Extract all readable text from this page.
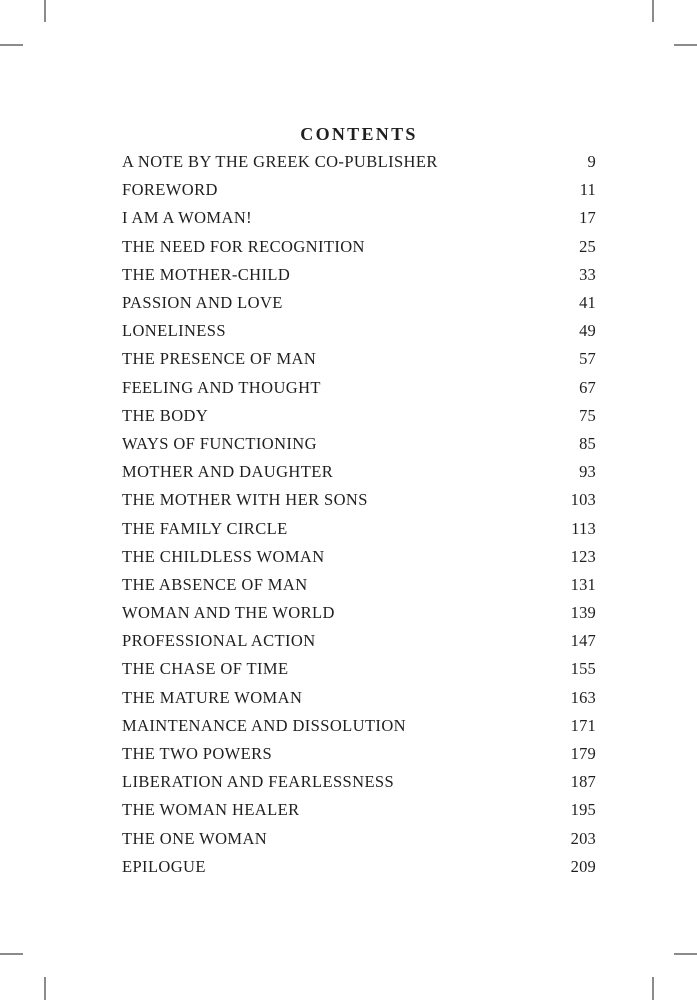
CONTENTS
A NOTE BY THE GREEK CO-PUBLISHER	9
FOREWORD	11
I AM A WOMAN!	17
THE NEED FOR RECOGNITION	25
THE MOTHER-CHILD	33
PASSION AND LOVE	41
LONELINESS	49
THE PRESENCE OF MAN	57
FEELING AND THOUGHT	67
THE BODY	75
WAYS OF FUNCTIONING	85
MOTHER AND DAUGHTER	93
THE MOTHER WITH HER SONS	103
THE FAMILY CIRCLE	113
THE CHILDLESS WOMAN	123
THE ABSENCE OF MAN	131
WOMAN AND THE WORLD	139
PROFESSIONAL ACTION	147
THE CHASE OF TIME	155
THE MATURE WOMAN	163
MAINTENANCE AND DISSOLUTION	171
THE TWO POWERS	179
LIBERATION AND FEARLESSNESS	187
THE WOMAN HEALER	195
THE ONE WOMAN	203
EPILOGUE	209
